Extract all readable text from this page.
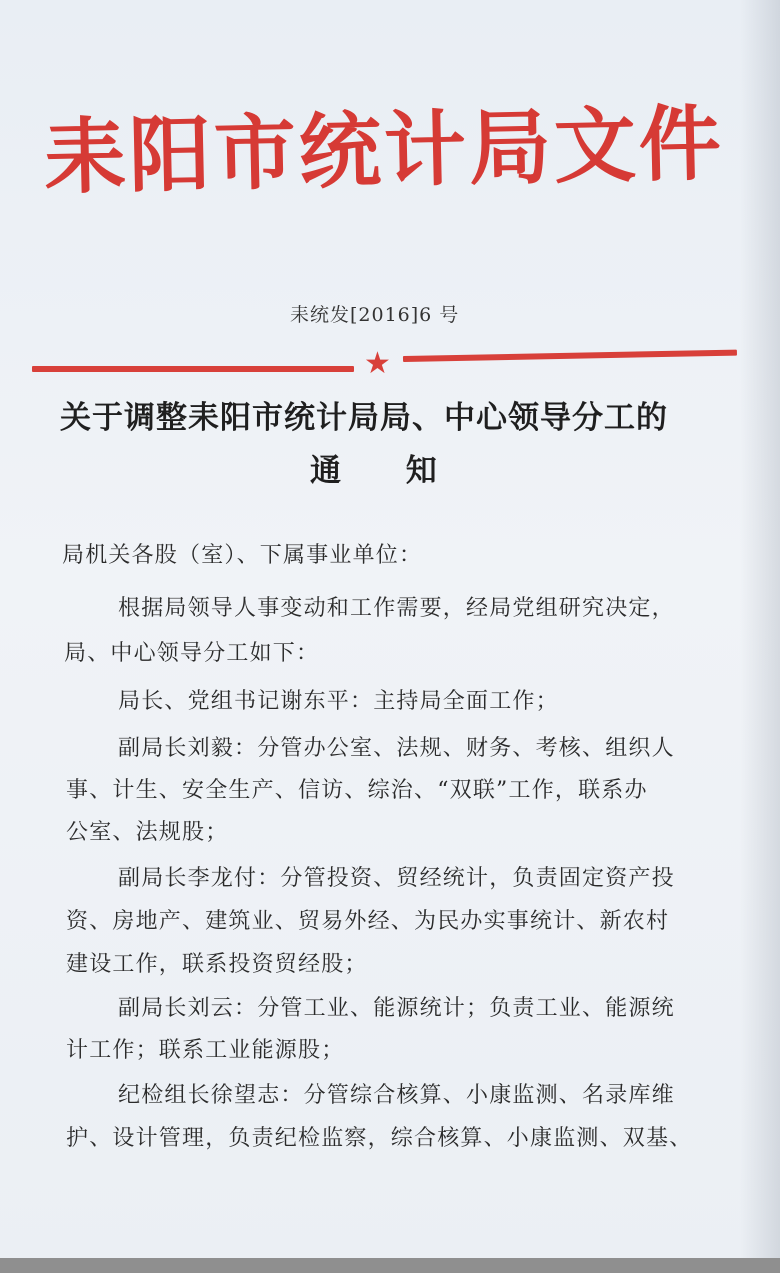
耒阳市统计局文件
耒统发[2016]6 号
★
关于调整耒阳市统计局局、中心领导分工的
通      知
局机关各股（室）、下属事业单位：
根据局领导人事变动和工作需要，经局党组研究决定，
局、中心领导分工如下：
局长、党组书记谢东平：主持局全面工作；
副局长刘毅：分管办公室、法规、财务、考核、组织人
事、计生、安全生产、信访、综治、“双联”工作，联系办
公室、法规股；
副局长李龙付：分管投资、贸经统计，负责固定资产投
资、房地产、建筑业、贸易外经、为民办实事统计、新农村
建设工作，联系投资贸经股；
副局长刘云：分管工业、能源统计；负责工业、能源统
计工作；联系工业能源股；
纪检组长徐望志：分管综合核算、小康监测、名录库维
护、设计管理，负责纪检监察，综合核算、小康监测、双基、
